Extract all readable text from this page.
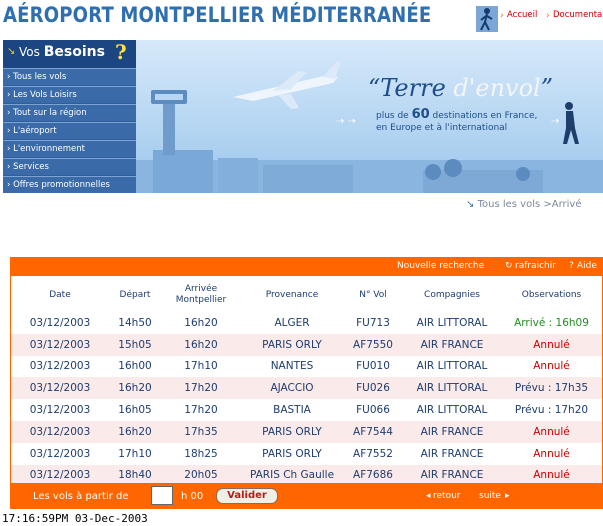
AÉROPORT MONTPELLIER MÉDITERRANÉE	› Accueil › Documenta
⇢ ⇢	⇢
↘ Vos Besoins ?
› Tous les vols
› Les Vols Loisirs
› Tout sur la région
› L'aéroport
› L'environnement
› Services
› Offres promotionnelles
“Terre d'envol”
plus de 60 destinations en France,
en Europe et à l'international
↘ Tous les vols >Arrivé
Nouvelle recherche ↻ rafraichir ? Aide
Date	Départ	Arrivée Montpellier	Provenance	N° Vol	Compagnies	Observations
03/12/2003	14h50	16h20	ALGER	FU713	AIR LITTORAL	Arrivé : 16h09
03/12/2003	15h05	16h20	PARIS ORLY	AF7550	AIR FRANCE	Annulé
03/12/2003	16h00	17h10	NANTES	FU010	AIR LITTORAL	Annulé
03/12/2003	16h20	17h20	AJACCIO	FU026	AIR LITTORAL	Prévu : 17h35
03/12/2003	16h05	17h20	BASTIA	FU066	AIR LITTORAL	Prévu : 17h20
03/12/2003	16h20	17h35	PARIS ORLY	AF7544	AIR FRANCE	Annulé
03/12/2003	17h10	18h25	PARIS ORLY	AF7552	AIR FRANCE	Annulé
03/12/2003	18h40	20h05	PARIS Ch Gaulle	AF7686	AIR FRANCE	Annulé
Les vols à partir de	h 00	Valider	◂ retour suite ▸
17:16:59PM 03-Dec-2003
